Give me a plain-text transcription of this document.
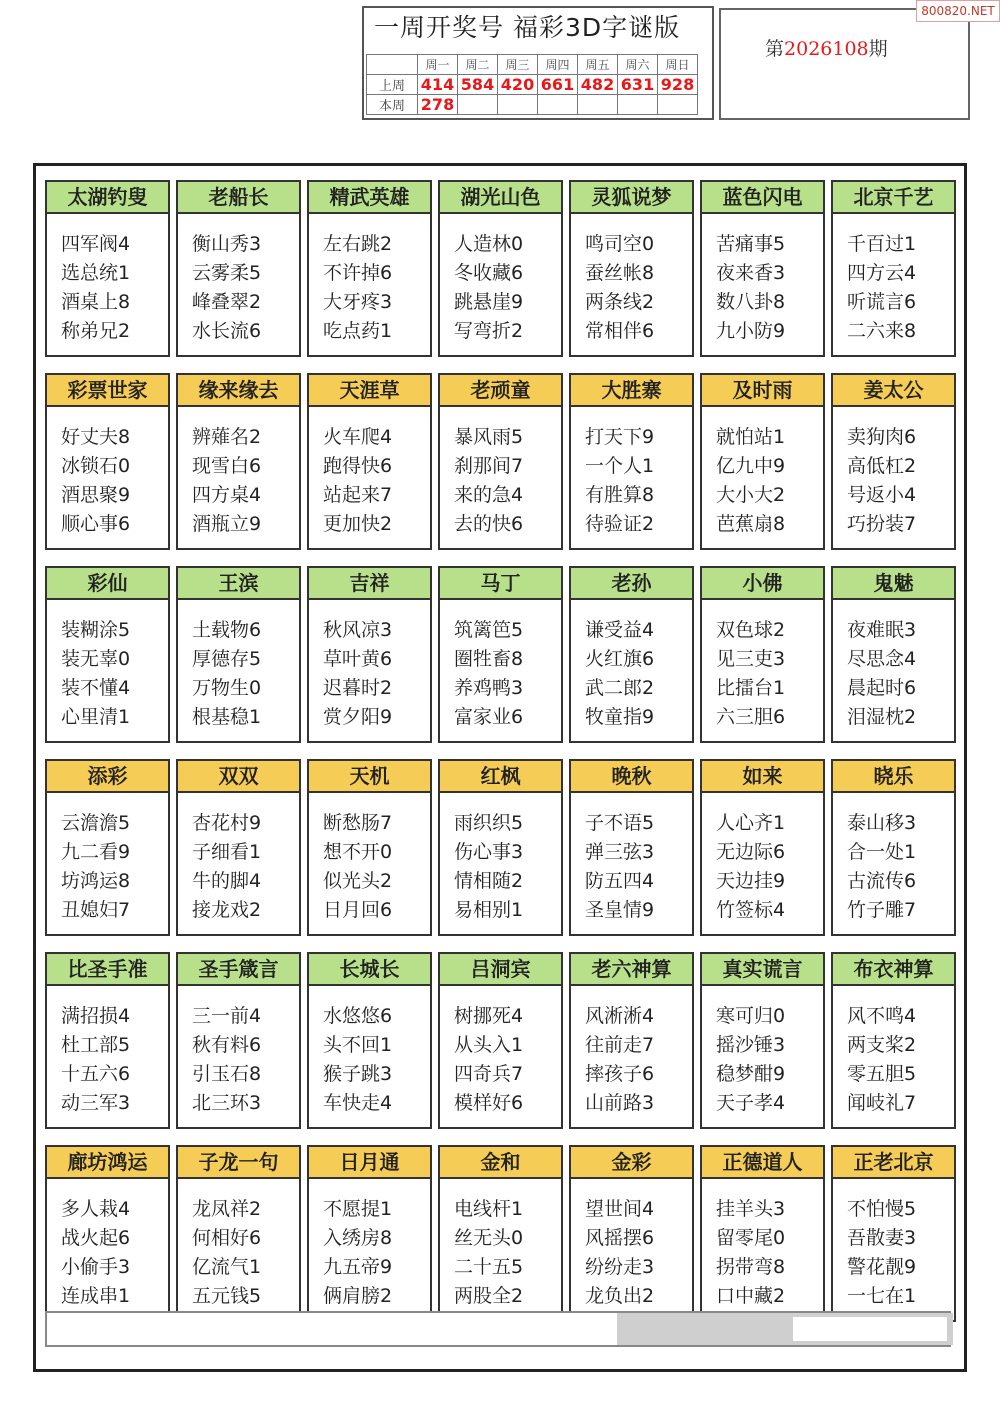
一周开奖号 福彩3D字谜版
	周一	周二	周三	周四	周五	周六	周日
上周	414	584	420	661	482	631	928
本周	278						
第2026108期
800820.NET
太湖钓叟
四军阀4
选总统1
酒桌上8
称弟兄2
老船长
衡山秀3
云雾柔5
峰叠翠2
水长流6
精武英雄
左右跳2
不许掉6
大牙疼3
吃点药1
湖光山色
人造林0
冬收藏6
跳悬崖9
写弯折2
灵狐说梦
鸣司空0
蚕丝帐8
两条线2
常相伴6
蓝色闪电
苦痛事5
夜来香3
数八卦8
九小防9
北京千艺
千百过1
四方云4
听谎言6
二六来8
彩票世家
好丈夫8
冰锁石0
酒思聚9
顺心事6
缘来缘去
辨薙名2
现雪白6
四方桌4
酒瓶立9
天涯草
火车爬4
跑得快6
站起来7
更加快2
老顽童
暴风雨5
刹那间7
来的急4
去的快6
大胜寨
打天下9
一个人1
有胜算8
待验证2
及时雨
就怕站1
亿九中9
大小大2
芭蕉扇8
姜太公
卖狗肉6
高低杠2
号返小4
巧扮装7
彩仙
装糊涂5
装无辜0
装不懂4
心里清1
王滨
土载物6
厚德存5
万物生0
根基稳1
吉祥
秋风凉3
草叶黄6
迟暮时2
赏夕阳9
马丁
筑篱笆5
圈牲畜8
养鸡鸭3
富家业6
老孙
谦受益4
火红旗6
武二郎2
牧童指9
小佛
双色球2
见三吏3
比擂台1
六三胆6
鬼魅
夜难眠3
尽思念4
晨起时6
泪湿枕2
添彩
云澹澹5
九二看9
坊鸿运8
丑媳妇7
双双
杏花村9
子细看1
牛的脚4
接龙戏2
天机
断愁肠7
想不开0
似光头2
日月回6
红枫
雨织织5
伤心事3
情相随2
易相别1
晚秋
子不语5
弹三弦3
防五四4
圣皇情9
如来
人心齐1
无边际6
天边挂9
竹签标4
晓乐
泰山移3
合一处1
古流传6
竹子雕7
比圣手准
满招损4
杜工部5
十五六6
动三军3
圣手箴言
三一前4
秋有料6
引玉石8
北三环3
长城长
水悠悠6
头不回1
猴子跳3
车快走4
吕洞宾
树挪死4
从头入1
四奇兵7
模样好6
老六神算
风淅淅4
往前走7
摔孩子6
山前路3
真实谎言
寒可归0
摇沙锤3
稳梦酣9
天子孝4
布衣神算
风不鸣4
两支桨2
零五胆5
闻岐礼7
廊坊鸿运
多人栽4
战火起6
小偷手3
连成串1
子龙一句
龙凤祥2
何相好6
亿流气1
五元钱5
日月通
不愿提1
入绣房8
九五帝9
俩肩膀2
金和
电线杆1
丝无头0
二十五5
两股全2
金彩
望世间4
风摇摆6
纷纷走3
龙负出2
正德道人
挂羊头3
留零尾0
拐带弯8
口中藏2
正老北京
不怕慢5
吾散妻3
警花靓9
一七在1
